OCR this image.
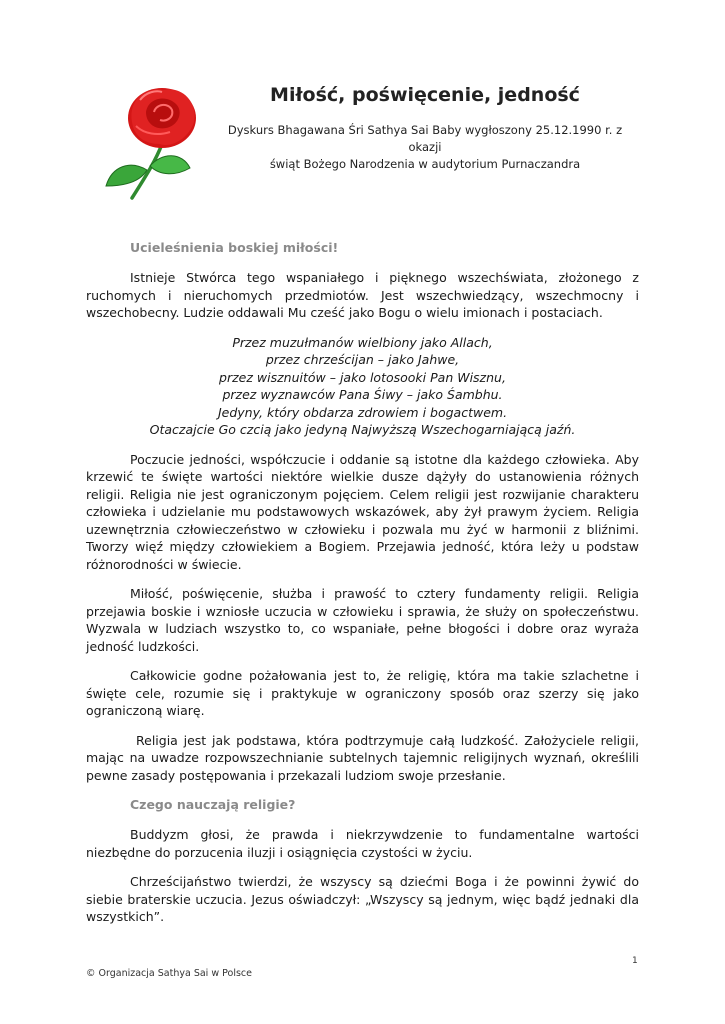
Miłość, poświęcenie, jedność
Dyskurs Bhagawana Śri Sathya Sai Baby wygłoszony 25.12.1990 r. z okazji
świąt Bożego Narodzenia w audytorium Purnaczandra
Ucieleśnienia boskiej miłości!

Istnieje Stwórca tego wspaniałego i pięknego wszechświata, złożonego z ruchomych i nieruchomych przedmiotów. Jest wszechwiedzący, wszechmocny i wszechobecny. Ludzie oddawali Mu cześć jako Bogu o wielu imionach i postaciach.

Przez muzułmanów wielbiony jako Allach,
przez chrześcijan – jako Jahwe,
przez wisznuitów – jako lotosooki Pan Wisznu,
przez wyznawców Pana Śiwy – jako Śambhu.
Jedyny, który obdarza zdrowiem i bogactwem.
Otaczajcie Go czcią jako jedyną Najwyższą Wszechogarniającą jaźń.

Poczucie jedności, współczucie i oddanie są istotne dla każdego człowieka. Aby krzewić te święte wartości niektóre wielkie dusze dążyły do ustanowienia różnych religii. Religia nie jest ograniczonym pojęciem. Celem religii jest rozwijanie charakteru człowieka i udzielanie mu podstawowych wskazówek, aby żył prawym życiem. Religia uzewnętrznia człowieczeństwo w człowieku i pozwala mu żyć w harmonii z bliźnimi. Tworzy więź między człowiekiem a Bogiem. Przejawia jedność, która leży u podstaw różnorodności w świecie.

Miłość, poświęcenie, służba i prawość to cztery fundamenty religii. Religia przejawia boskie i wzniosłe uczucia w człowieku i sprawia, że służy on społeczeństwu. Wyzwala w ludziach wszystko to, co wspaniałe, pełne błogości i dobre oraz wyraża jedność ludzkości.

Całkowicie godne pożałowania jest to, że religię, która ma takie szlachetne i święte cele, rozumie się i praktykuje w ograniczony sposób oraz szerzy się jako ograniczoną wiarę.

Religia jest jak podstawa, która podtrzymuje całą ludzkość. Założyciele religii, mając na uwadze rozpowszechnianie subtelnych tajemnic religijnych wyznań, określili pewne zasady postępowania i przekazali ludziom swoje przesłanie.

Czego nauczają religie?

Buddyzm głosi, że prawda i niekrzywdzenie to fundamentalne wartości niezbędne do porzucenia iluzji i osiągnięcia czystości w życiu.

Chrześcijaństwo twierdzi, że wszyscy są dziećmi Boga i że powinni żywić do siebie braterskie uczucia. Jezus oświadczył: „Wszyscy są jednym, więc bądź jednaki dla wszystkich”.

1
© Organizacja Sathya Sai w Polsce
